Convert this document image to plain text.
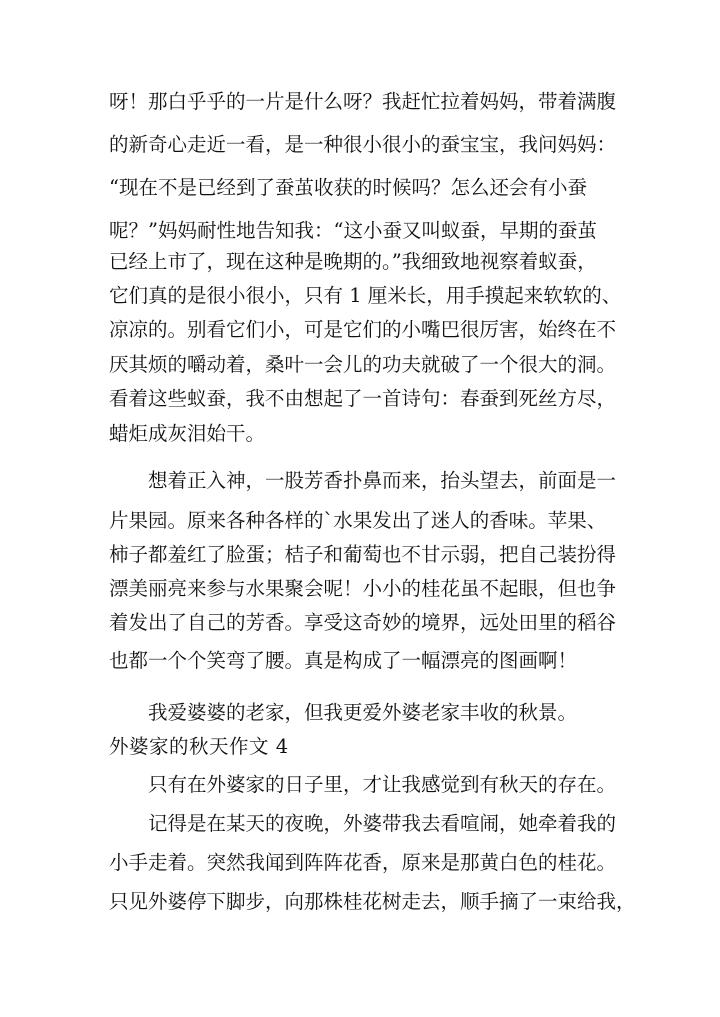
呀！那白乎乎的一片是什么呀？我赶忙拉着妈妈，带着满腹
的新奇心走近一看，是一种很小很小的蚕宝宝，我问妈妈：
“现在不是已经到了蚕茧收获的时候吗？怎么还会有小蚕
呢？”妈妈耐性地告知我：“这小蚕又叫蚁蚕，早期的蚕茧
已经上市了，现在这种是晚期的。”我细致地视察着蚁蚕，
它们真的是很小很小，只有 1 厘米长，用手摸起来软软的、
凉凉的。别看它们小，可是它们的小嘴巴很厉害，始终在不
厌其烦的嚼动着，桑叶一会儿的功夫就破了一个很大的洞。
看着这些蚁蚕，我不由想起了一首诗句：春蚕到死丝方尽，
蜡炬成灰泪始干。
想着正入神，一股芳香扑鼻而来，抬头望去，前面是一
片果园。原来各种各样的`水果发出了迷人的香味。苹果、
柿子都羞红了脸蛋；桔子和葡萄也不甘示弱，把自己装扮得
漂美丽亮来参与水果聚会呢！小小的桂花虽不起眼，但也争
着发出了自己的芳香。享受这奇妙的境界，远处田里的稻谷
也都一个个笑弯了腰。真是构成了一幅漂亮的图画啊！
我爱婆婆的老家，但我更爱外婆老家丰收的秋景。
外婆家的秋天作文 4
只有在外婆家的日子里，才让我感觉到有秋天的存在。
记得是在某天的夜晚，外婆带我去看喧闹，她牵着我的
小手走着。突然我闻到阵阵花香，原来是那黄白色的桂花。
只见外婆停下脚步，向那株桂花树走去，顺手摘了一束给我，
